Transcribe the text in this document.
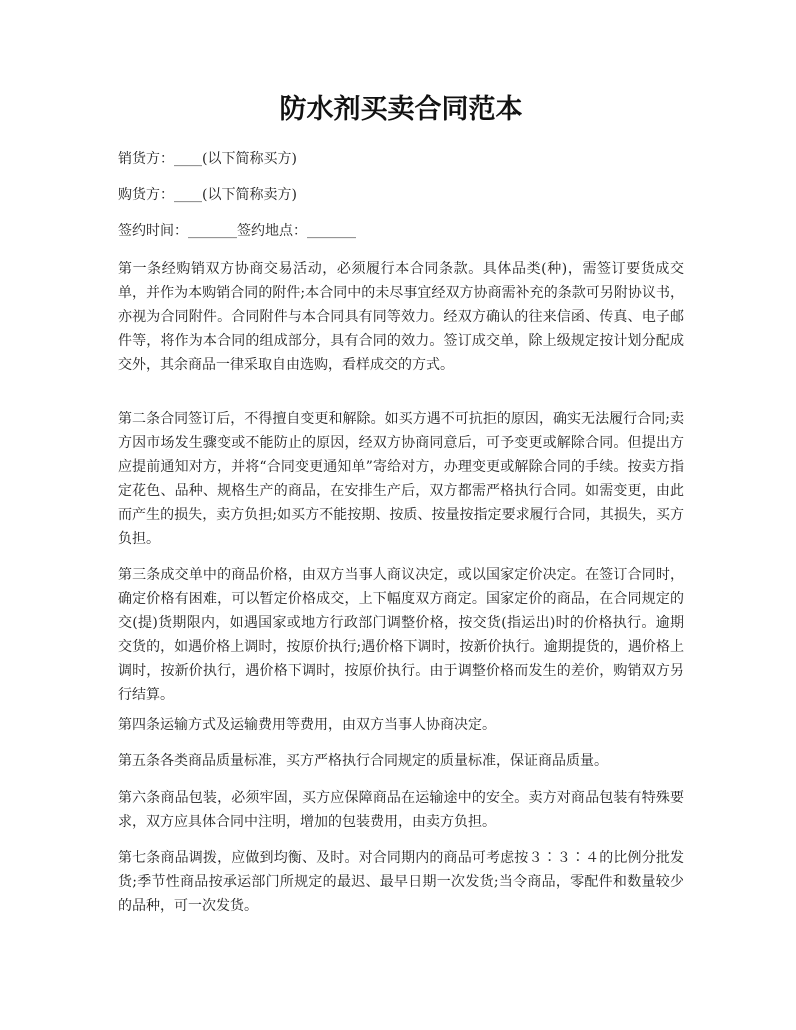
防水剂买卖合同范本
销货方：____(以下简称买方)
购货方：____(以下简称卖方)
签约时间：_______签约地点：_______
第一条经购销双方协商交易活动，必须履行本合同条款。具体品类(种)，需签订要货成交单，并作为本购销合同的附件;本合同中的未尽事宜经双方协商需补充的条款可另附协议书，亦视为合同附件。合同附件与本合同具有同等效力。经双方确认的往来信函、传真、电子邮件等，将作为本合同的组成部分，具有合同的效力。签订成交单，除上级规定按计划分配成交外，其余商品一律采取自由选购，看样成交的方式。
第二条合同签订后，不得擅自变更和解除。如买方遇不可抗拒的原因，确实无法履行合同;卖方因市场发生骤变或不能防止的原因，经双方协商同意后，可予变更或解除合同。但提出方应提前通知对方，并将“合同变更通知单”寄给对方，办理变更或解除合同的手续。按卖方指定花色、品种、规格生产的商品，在安排生产后，双方都需严格执行合同。如需变更，由此而产生的损失，卖方负担;如买方不能按期、按质、按量按指定要求履行合同，其损失，买方负担。
第三条成交单中的商品价格，由双方当事人商议决定，或以国家定价决定。在签订合同时，确定价格有困难，可以暂定价格成交，上下幅度双方商定。国家定价的商品，在合同规定的交(提)货期限内，如遇国家或地方行政部门调整价格，按交货(指运出)时的价格执行。逾期交货的，如遇价格上调时，按原价执行;遇价格下调时，按新价执行。逾期提货的，遇价格上调时，按新价执行，遇价格下调时，按原价执行。由于调整价格而发生的差价，购销双方另行结算。
第四条运输方式及运输费用等费用，由双方当事人协商决定。
第五条各类商品质量标准，买方严格执行合同规定的质量标准，保证商品质量。
第六条商品包装，必须牢固，买方应保障商品在运输途中的安全。卖方对商品包装有特殊要求，双方应具体合同中注明，增加的包装费用，由卖方负担。
第七条商品调拨，应做到均衡、及时。对合同期内的商品可考虑按３∶３∶４的比例分批发货;季节性商品按承运部门所规定的最迟、最早日期一次发货;当令商品，零配件和数量较少的品种，可一次发货。
